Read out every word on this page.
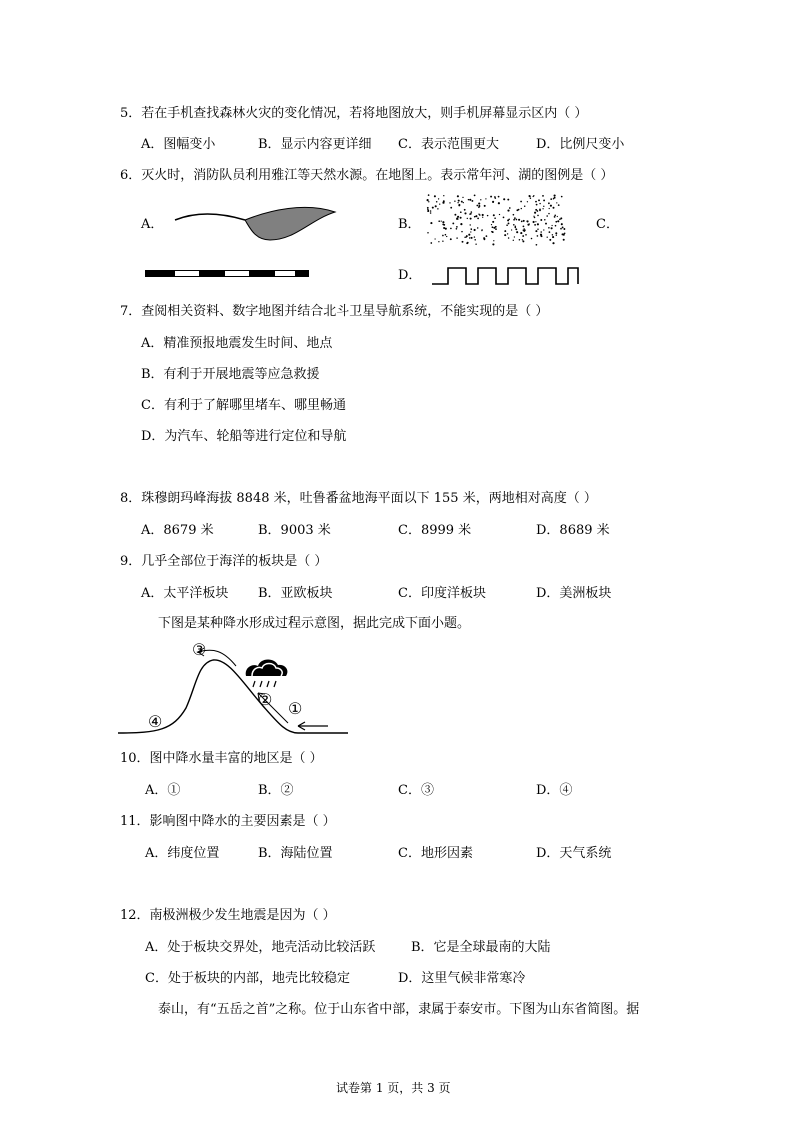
5．若在手机查找森林火灾的变化情况，若将地图放大，则手机屏幕显示区内（ ）
A．图幅变小	B．显示内容更详细 C．表示范围更大	D．比例尺变小
6．灭火时，消防队员利用雅江等天然水源。在地图上。表示常年河、湖的图例是（ ）
A．	B．	C．
D．
7．查阅相关资料、数字地图并结合北斗卫星导航系统，不能实现的是（ ）
A．精准预报地震发生时间、地点
B．有利于开展地震等应急救援
C．有利于了解哪里堵车、哪里畅通
D．为汽车、轮船等进行定位和导航
8．珠穆朗玛峰海拔 8848 米，吐鲁番盆地海平面以下 155 米，两地相对高度（ ）
A．8679 米	B．9003 米	C．8999 米	D．8689 米
9．几乎全部位于海洋的板块是（ ）
A．太平洋板块 B．亚欧板块	C．印度洋板块	D．美洲板块
下图是某种降水形成过程示意图，据此完成下面小题。
①
②
③
④
10．图中降水量丰富的地区是（ ）
A．①	B．②	C．③	D．④
11．影响图中降水的主要因素是（ ）
A．纬度位置	B．海陆位置	C．地形因素	D．天气系统
12．南极洲极少发生地震是因为（ ）
A．处于板块交界处，地壳活动比较活跃	B．它是全球最南的大陆
C．处于板块的内部，地壳比较稳定	D．这里气候非常寒冷
泰山，有“五岳之首”之称。位于山东省中部，隶属于泰安市。下图为山东省简图。据
试卷第 1 页，共 3 页
